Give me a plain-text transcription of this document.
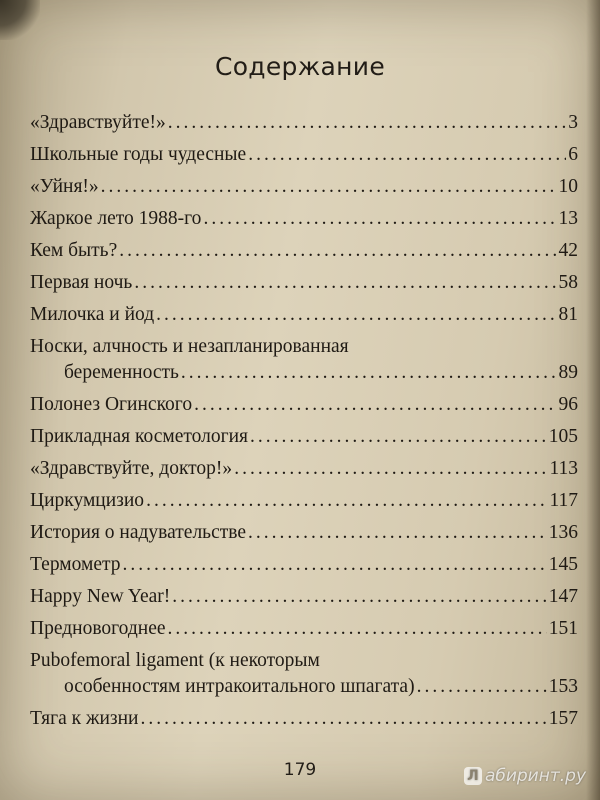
Содержание
«Здравствуйте!» .....	3
Школьные годы чудесные .....	6
«Уйня!» .....	10
Жаркое лето 1988-го .....	13
Кем быть? .....	42
Первая ночь .....	58
Милочка и йод .....	81
Носки, алчность и незапланированная
беременность .....	89
Полонез Огинского .....	96
Прикладная косметология .....	105
«Здравствуйте, доктор!» .....	113
Циркумцизио .....	117
История о надувательстве .....	136
Термометр .....	145
Happy New Year! .....	147
Предновогоднее .....	151
Pubofemoral ligament (к некоторым
особенностям интракоитального шпагата) .....	153
Тяга к жизни .....	157
179	Л абиринт.ру
